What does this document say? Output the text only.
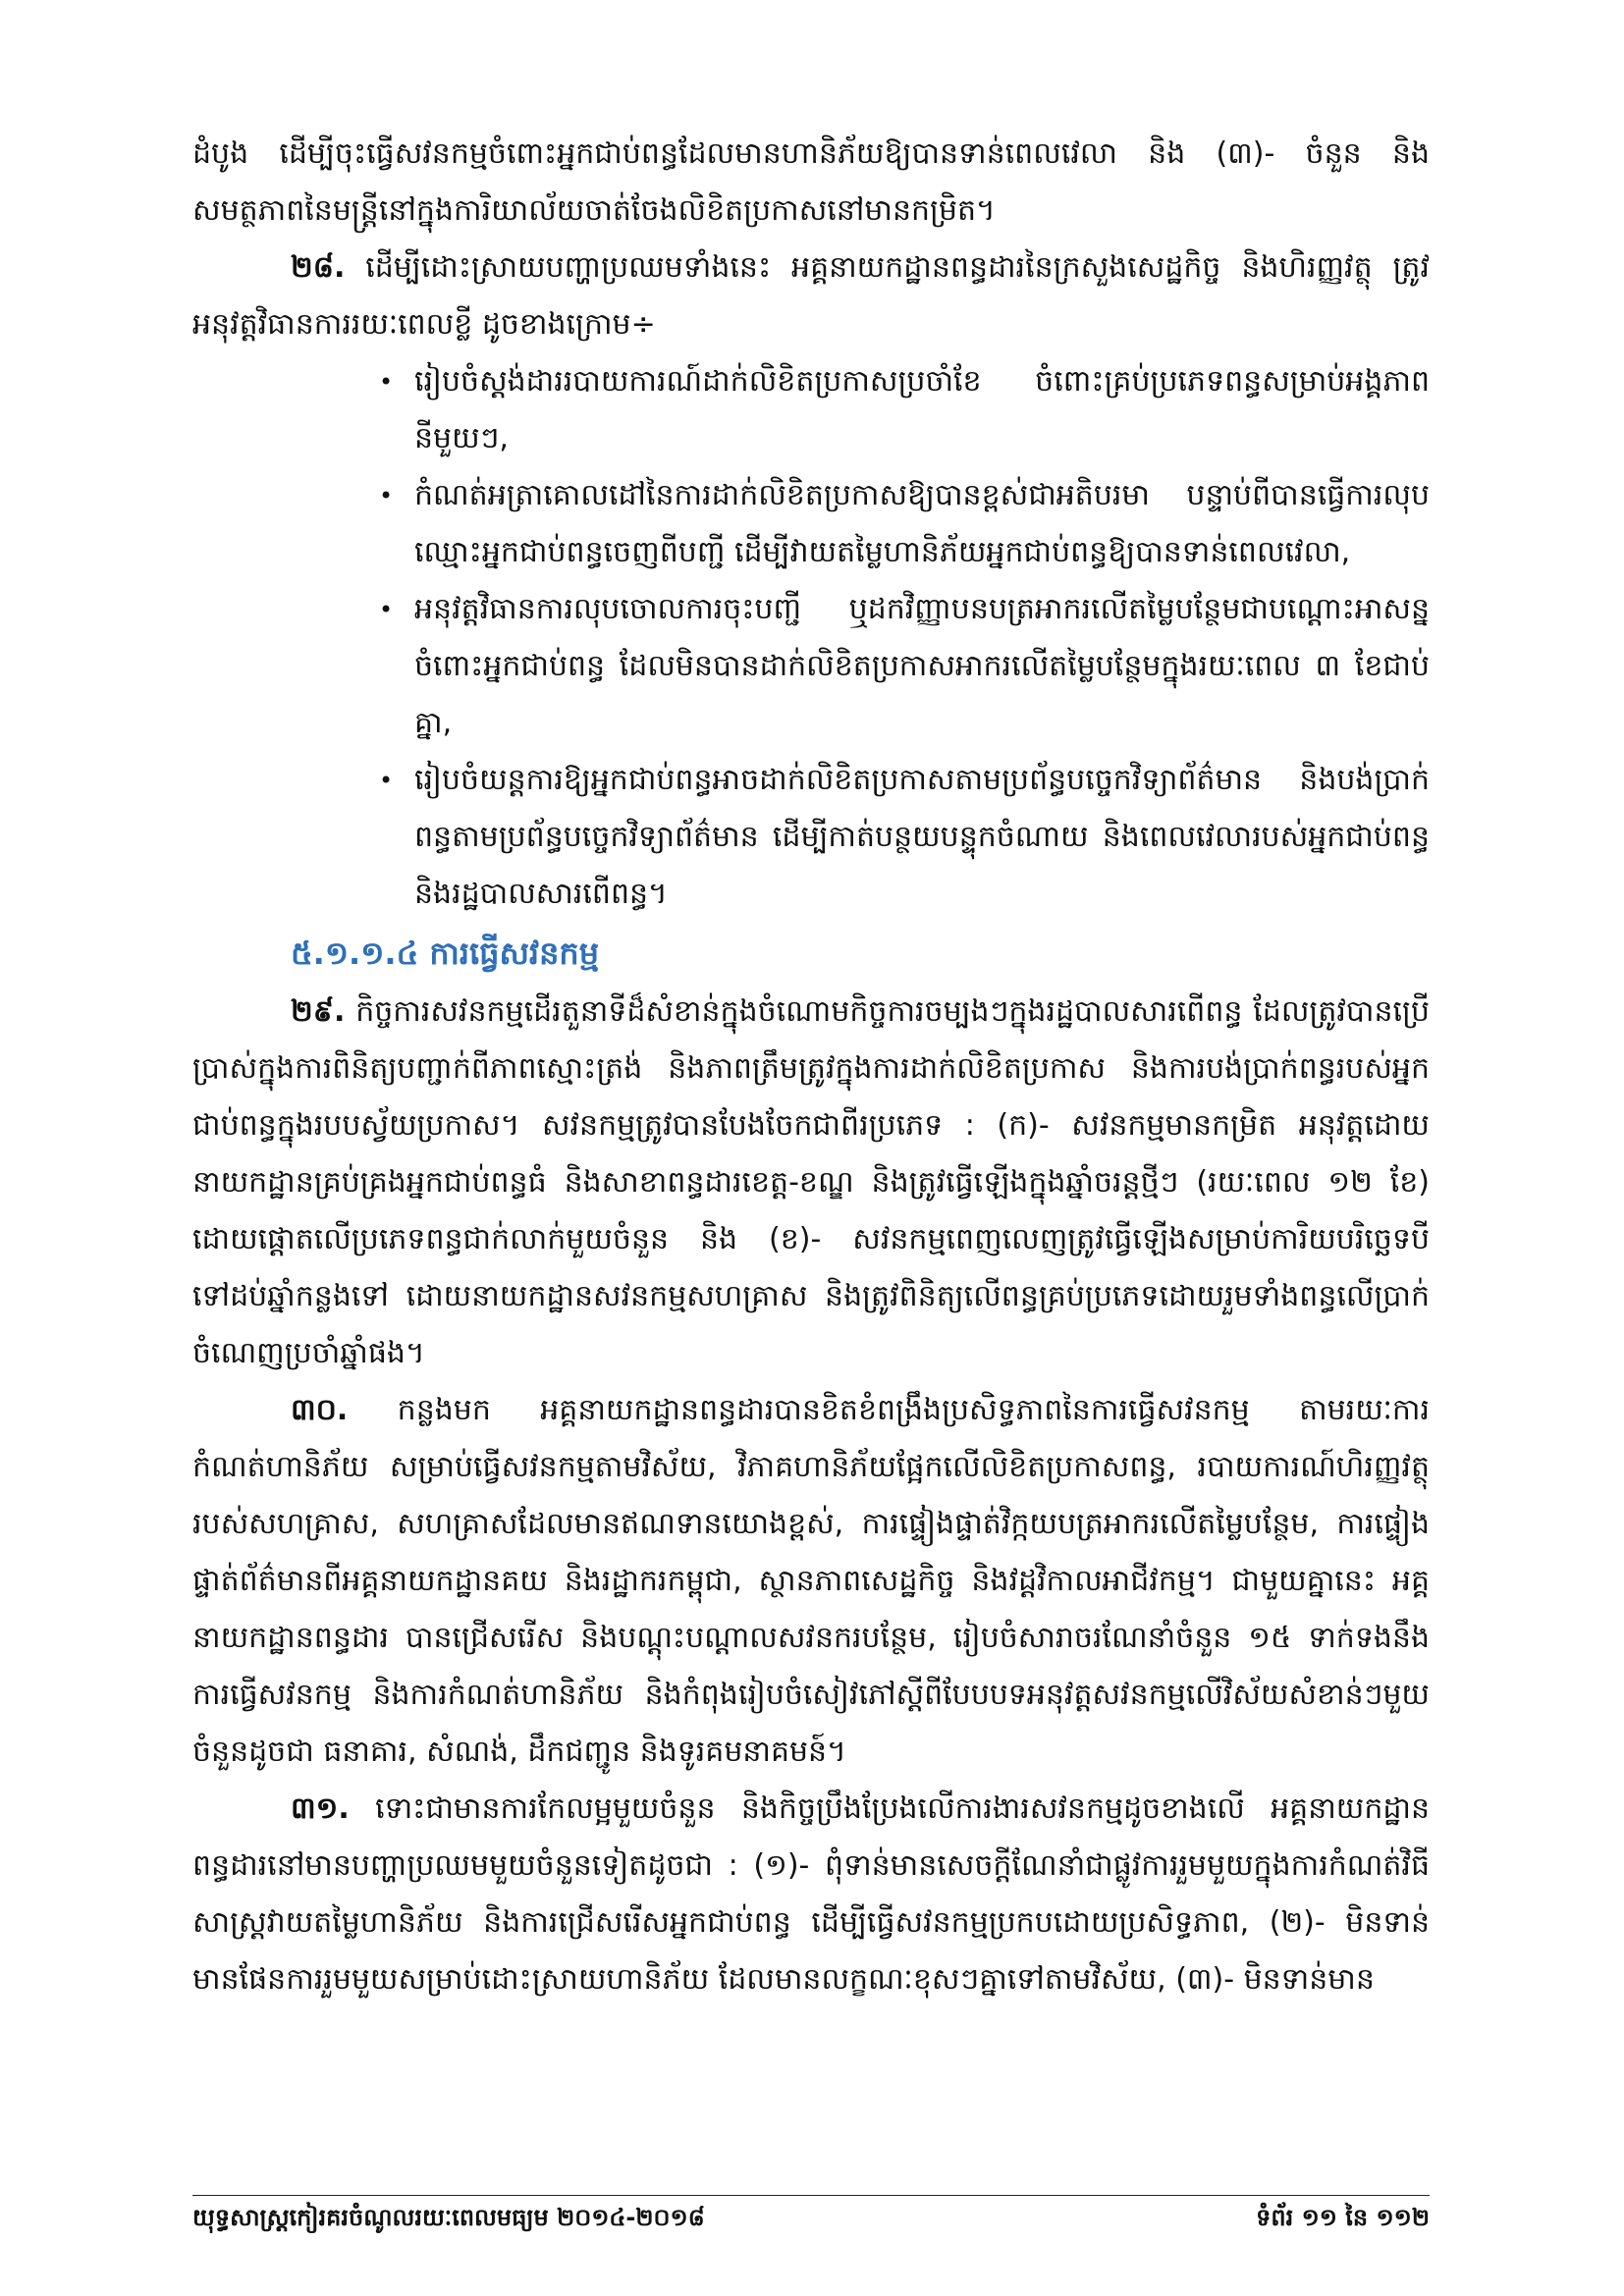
ដំបូង ដើម្បីចុះធ្វើសវនកម្មចំពោះអ្នកជាប់ពន្ធដែលមានហានិភ័យឱ្យបានទាន់ពេលវេលា និង (៣)- ចំនួន និងសមត្ថភាពនៃមន្ត្រីនៅក្នុងការិយាល័យចាត់ចែងលិខិតប្រកាសនៅមានកម្រិត។

២៨. ដើម្បីដោះស្រាយបញ្ហាប្រឈមទាំងនេះ អគ្គនាយកដ្ឋានពន្ធដារនៃក្រសួងសេដ្ឋកិច្ច និងហិរញ្ញវត្ថុ ត្រូវអនុវត្តវិធានការរយៈពេលខ្លី ដូចខាងក្រោម÷

• រៀបចំស្តង់ដាររបាយការណ៍ដាក់លិខិតប្រកាសប្រចាំខែ ចំពោះគ្រប់ប្រភេទពន្ធសម្រាប់អង្គភាពនីមួយៗ,
• កំណត់អត្រាគោលដៅនៃការដាក់លិខិតប្រកាសឱ្យបានខ្ពស់ជាអតិបរមា បន្ទាប់ពីបានធ្វើការលុបឈ្មោះអ្នកជាប់ពន្ធចេញពីបញ្ជី ដើម្បីវាយតម្លៃហានិភ័យអ្នកជាប់ពន្ធឱ្យបានទាន់ពេលវេលា,
• អនុវត្តវិធានការលុបចោលការចុះបញ្ជី ឬដកវិញ្ញាបនបត្រអាករលើតម្លៃបន្ថែមជាបណ្តោះអាសន្នចំពោះអ្នកជាប់ពន្ធ ដែលមិនបានដាក់លិខិតប្រកាសអាករលើតម្លៃបន្ថែមក្នុងរយៈពេល ៣ ខែជាប់គ្នា,
• រៀបចំយន្តការឱ្យអ្នកជាប់ពន្ធអាចដាក់លិខិតប្រកាសតាមប្រព័ន្ធបច្ចេកវិទ្យាព័ត៌មាន និងបង់ប្រាក់ពន្ធតាមប្រព័ន្ធបច្ចេកវិទ្យាព័ត៌មាន ដើម្បីកាត់បន្ថយបន្ទុកចំណាយ និងពេលវេលារបស់អ្នកជាប់ពន្ធ និងរដ្ឋបាលសារពើពន្ធ។
៥.១.១.៤ ការធ្វើសវនកម្ម

២៩. កិច្ចការសវនកម្មដើរតួនាទីដ៏សំខាន់ក្នុងចំណោមកិច្ចការចម្បងៗក្នុងរដ្ឋបាលសារពើពន្ធ ដែលត្រូវបានប្រើប្រាស់ក្នុងការពិនិត្យបញ្ជាក់ពីភាពស្មោះត្រង់ និងភាពត្រឹមត្រូវក្នុងការដាក់លិខិតប្រកាស និងការបង់ប្រាក់ពន្ធរបស់អ្នកជាប់ពន្ធក្នុងរបបស្វ័យប្រកាស។ សវនកម្មត្រូវបានបែងចែកជាពីរប្រភេទ : (ក)- សវនកម្មមានកម្រិត អនុវត្តដោយនាយកដ្ឋានគ្រប់គ្រងអ្នកជាប់ពន្ធធំ និងសាខាពន្ធដារខេត្ត-ខណ្ឌ និងត្រូវធ្វើឡើងក្នុងឆ្នាំចរន្តថ្មីៗ (រយៈពេល ១២ ខែ) ដោយផ្តោតលើប្រភេទពន្ធជាក់លាក់មួយចំនួន និង (ខ)- សវនកម្មពេញលេញត្រូវធ្វើឡើងសម្រាប់ការិយបរិច្ឆេទបីទៅដប់ឆ្នាំកន្លងទៅ ដោយនាយកដ្ឋានសវនកម្មសហគ្រាស និងត្រូវពិនិត្យលើពន្ធគ្រប់ប្រភេទដោយរួមទាំងពន្ធលើប្រាក់ចំណេញប្រចាំឆ្នាំផង។

៣០. កន្លងមក អគ្គនាយកដ្ឋានពន្ធដារបានខិតខំពង្រឹងប្រសិទ្ធភាពនៃការធ្វើសវនកម្ម តាមរយៈការកំណត់ហានិភ័យ សម្រាប់ធ្វើសវនកម្មតាមវិស័យ, វិភាគហានិភ័យផ្អែកលើលិខិតប្រកាសពន្ធ, របាយការណ៍ហិរញ្ញវត្ថុរបស់សហគ្រាស, សហគ្រាសដែលមានឥណទានយោងខ្ពស់, ការផ្ទៀងផ្ទាត់វិក្កយបត្រអាករលើតម្លៃបន្ថែម, ការផ្ទៀងផ្ទាត់ព័ត៌មានពីអគ្គនាយកដ្ឋានគយ និងរដ្ឋាករកម្ពុជា, ស្ថានភាពសេដ្ឋកិច្ច និងវដ្តវិកាលអាជីវកម្ម។ ជាមួយគ្នានេះ អគ្គនាយកដ្ឋានពន្ធដារ បានជ្រើសរើស និងបណ្តុះបណ្តាលសវនករបន្ថែម, រៀបចំសារាចរណែនាំចំនួន ១៥ ទាក់ទងនឹងការធ្វើសវនកម្ម និងការកំណត់ហានិភ័យ និងកំពុងរៀបចំសៀវភៅស្តីពីបែបបទអនុវត្តសវនកម្មលើវិស័យសំខាន់ៗមួយចំនួនដូចជា ធនាគារ, សំណង់, ដឹកជញ្ជូន និងទូរគមនាគមន៍។

៣១. ទោះជាមានការកែលម្អមួយចំនួន និងកិច្ចប្រឹងប្រែងលើការងារសវនកម្មដូចខាងលើ អគ្គនាយកដ្ឋានពន្ធដារនៅមានបញ្ហាប្រឈមមួយចំនួនទៀតដូចជា : (១)- ពុំទាន់មានសេចក្តីណែនាំជាផ្លូវការរួមមួយក្នុងការកំណត់វិធីសាស្រ្តវាយតម្លៃហានិភ័យ និងការជ្រើសរើសអ្នកជាប់ពន្ធ ដើម្បីធ្វើសវនកម្មប្រកបដោយប្រសិទ្ធភាព, (២)- មិនទាន់មានផែនការរួមមួយសម្រាប់ដោះស្រាយហានិភ័យ ដែលមានលក្ខណៈខុសៗគ្នាទៅតាមវិស័យ, (៣)- មិនទាន់មាន

យុទ្ធសាស្ត្រកៀរគរចំណូលរយៈពេលមធ្យម ២០១៤-២០១៨	ទំព័រ ១១ នៃ ១១២
